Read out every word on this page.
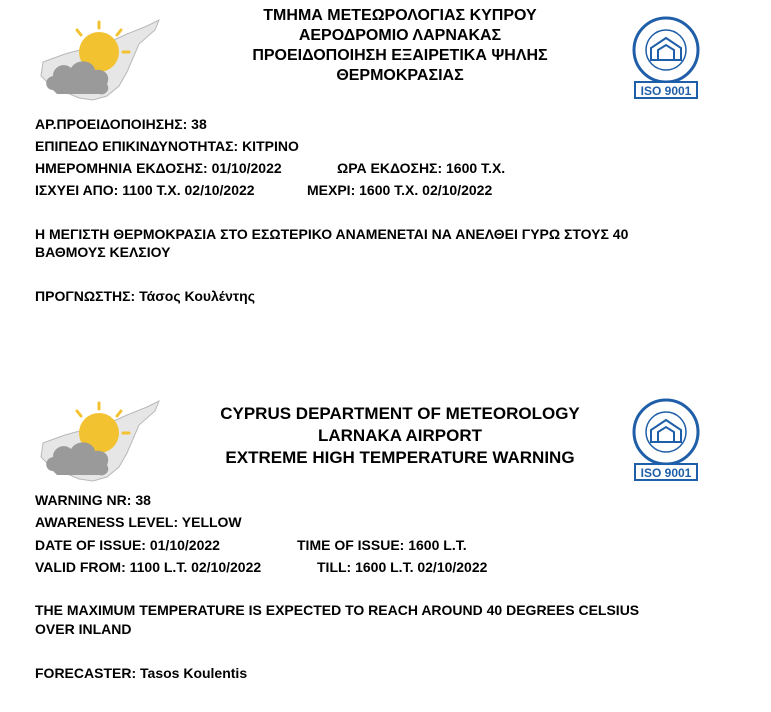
ΤΜΗΜΑ ΜΕΤΕΩΡΟΛΟΓΙΑΣ ΚΥΠΡΟΥ
ΑΕΡΟΔΡΟΜΙΟ ΛΑΡΝΑΚΑΣ
ΠΡΟΕΙΔΟΠΟΙΗΣΗ ΕΞΑΙΡΕΤΙΚΑ ΨΗΛΗΣ
ΘΕΡΜΟΚΡΑΣΙΑΣ
ISO 9001
ΑΡ.ΠΡΟΕΙΔΟΠΟΙΗΣΗΣ: 38
ΕΠΙΠΕΔΟ ΕΠΙΚΙΝΔΥΝΟΤΗΤΑΣ: ΚΙΤΡΙΝΟ
ΗΜΕΡΟΜΗΝΙΑ ΕΚΔΟΣΗΣ: 01/10/2022	ΩΡΑ ΕΚΔΟΣΗΣ: 1600 Τ.Χ.
ΙΣΧΥΕΙ ΑΠΟ: 1100 Τ.Χ. 02/10/2022	ΜΕΧΡΙ: 1600 Τ.Χ. 02/10/2022
Η ΜΕΓΙΣΤΗ ΘΕΡΜΟΚΡΑΣΙΑ ΣΤΟ ΕΣΩΤΕΡΙΚΟ ΑΝΑΜΕΝΕΤΑΙ ΝΑ ΑΝΕΛΘΕΙ ΓΥΡΩ ΣΤΟΥΣ 40
ΒΑΘΜΟΥΣ ΚΕΛΣΙΟΥ
ΠΡΟΓΝΩΣΤΗΣ: Τάσος Κουλέντης
CYPRUS DEPARTMENT OF METEOROLOGY
LARNAKA AIRPORT
EXTREME HIGH TEMPERATURE WARNING
ISO 9001
WARNING NR: 38
AWARENESS LEVEL: YELLOW
DATE OF ISSUE: 01/10/2022	TIME OF ISSUE: 1600 L.T.
VALID FROM: 1100 L.T. 02/10/2022	TILL: 1600 L.T. 02/10/2022
THE MAXIMUM TEMPERATURE IS EXPECTED TO REACH AROUND 40 DEGREES CELSIUS
OVER INLAND
FORECASTER: Tasos Koulentis
